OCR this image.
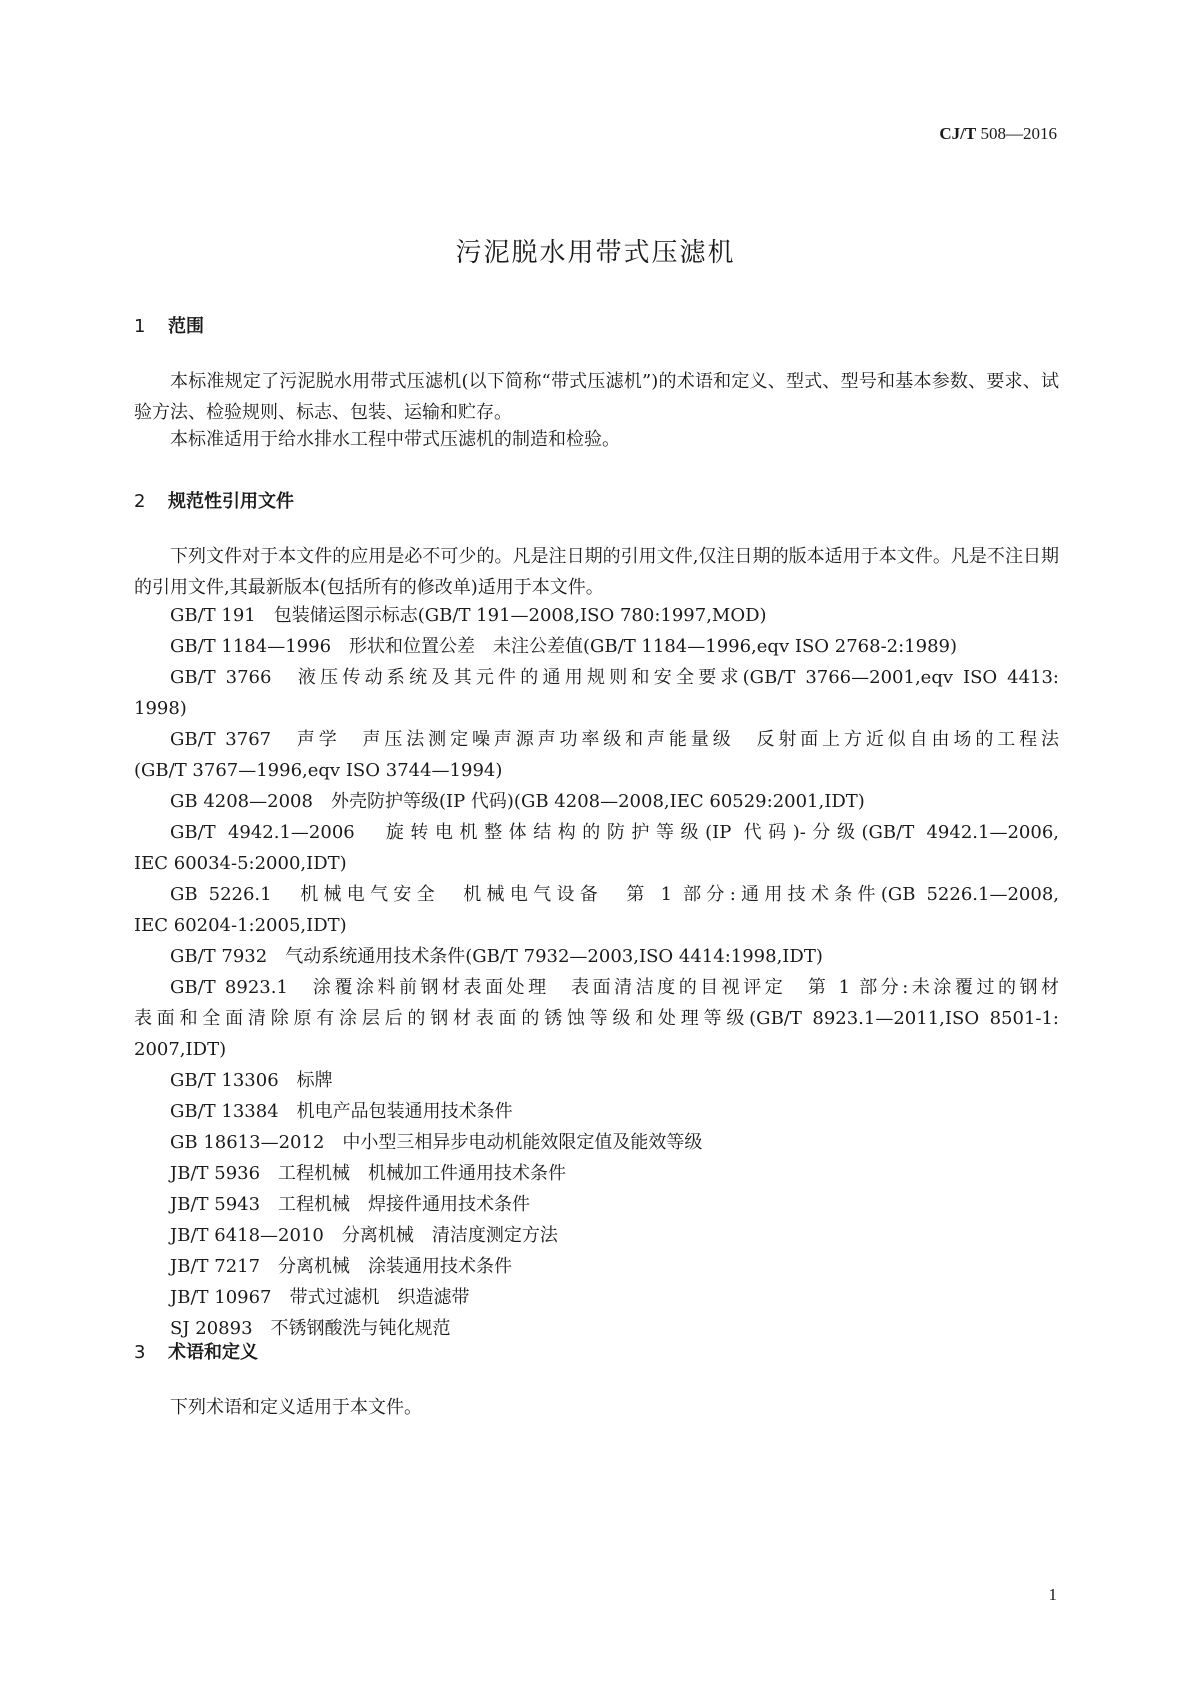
CJ/T 508—2016
污泥脱水用带式压滤机
1 范围
本标准规定了污泥脱水用带式压滤机(以下简称“带式压滤机”)的术语和定义、型式、型号和基本参数、要求、试验方法、检验规则、标志、包装、运输和贮存。
本标准适用于给水排水工程中带式压滤机的制造和检验。
2 规范性引用文件
下列文件对于本文件的应用是必不可少的。凡是注日期的引用文件,仅注日期的版本适用于本文件。凡是不注日期的引用文件,其最新版本(包括所有的修改单)适用于本文件。
GB/T 191　包装储运图示标志(GB/T 191—2008,ISO 780:1997,MOD)
GB/T 1184—1996　形状和位置公差　未注公差值(GB/T 1184—1996,eqv ISO 2768-2:1989)
GB/T 3766　液压传动系统及其元件的通用规则和安全要求(GB/T 3766—2001,eqv ISO 4413:
1998)
GB/T 3767　声学　声压法测定噪声源声功率级和声能量级　反射面上方近似自由场的工程法
(GB/T 3767—1996,eqv ISO 3744—1994)
GB 4208—2008　外壳防护等级(IP 代码)(GB 4208—2008,IEC 60529:2001,IDT)
GB/T 4942.1—2006　旋转电机整体结构的防护等级(IP 代码)-分级(GB/T 4942.1—2006,
IEC 60034-5:2000,IDT)
GB 5226.1　机械电气安全　机械电气设备　第 1 部分:通用技术条件(GB 5226.1—2008,
IEC 60204-1:2005,IDT)
GB/T 7932　气动系统通用技术条件(GB/T 7932—2003,ISO 4414:1998,IDT)
GB/T 8923.1　涂覆涂料前钢材表面处理　表面清洁度的目视评定　第 1 部分:未涂覆过的钢材
表面和全面清除原有涂层后的钢材表面的锈蚀等级和处理等级(GB/T 8923.1—2011,ISO 8501-1:
2007,IDT)
GB/T 13306　标牌
GB/T 13384　机电产品包装通用技术条件
GB 18613—2012　中小型三相异步电动机能效限定值及能效等级
JB/T 5936　工程机械　机械加工件通用技术条件
JB/T 5943　工程机械　焊接件通用技术条件
JB/T 6418—2010　分离机械　清洁度测定方法
JB/T 7217　分离机械　涂装通用技术条件
JB/T 10967　带式过滤机　织造滤带
SJ 20893　不锈钢酸洗与钝化规范
3 术语和定义
下列术语和定义适用于本文件。
1
